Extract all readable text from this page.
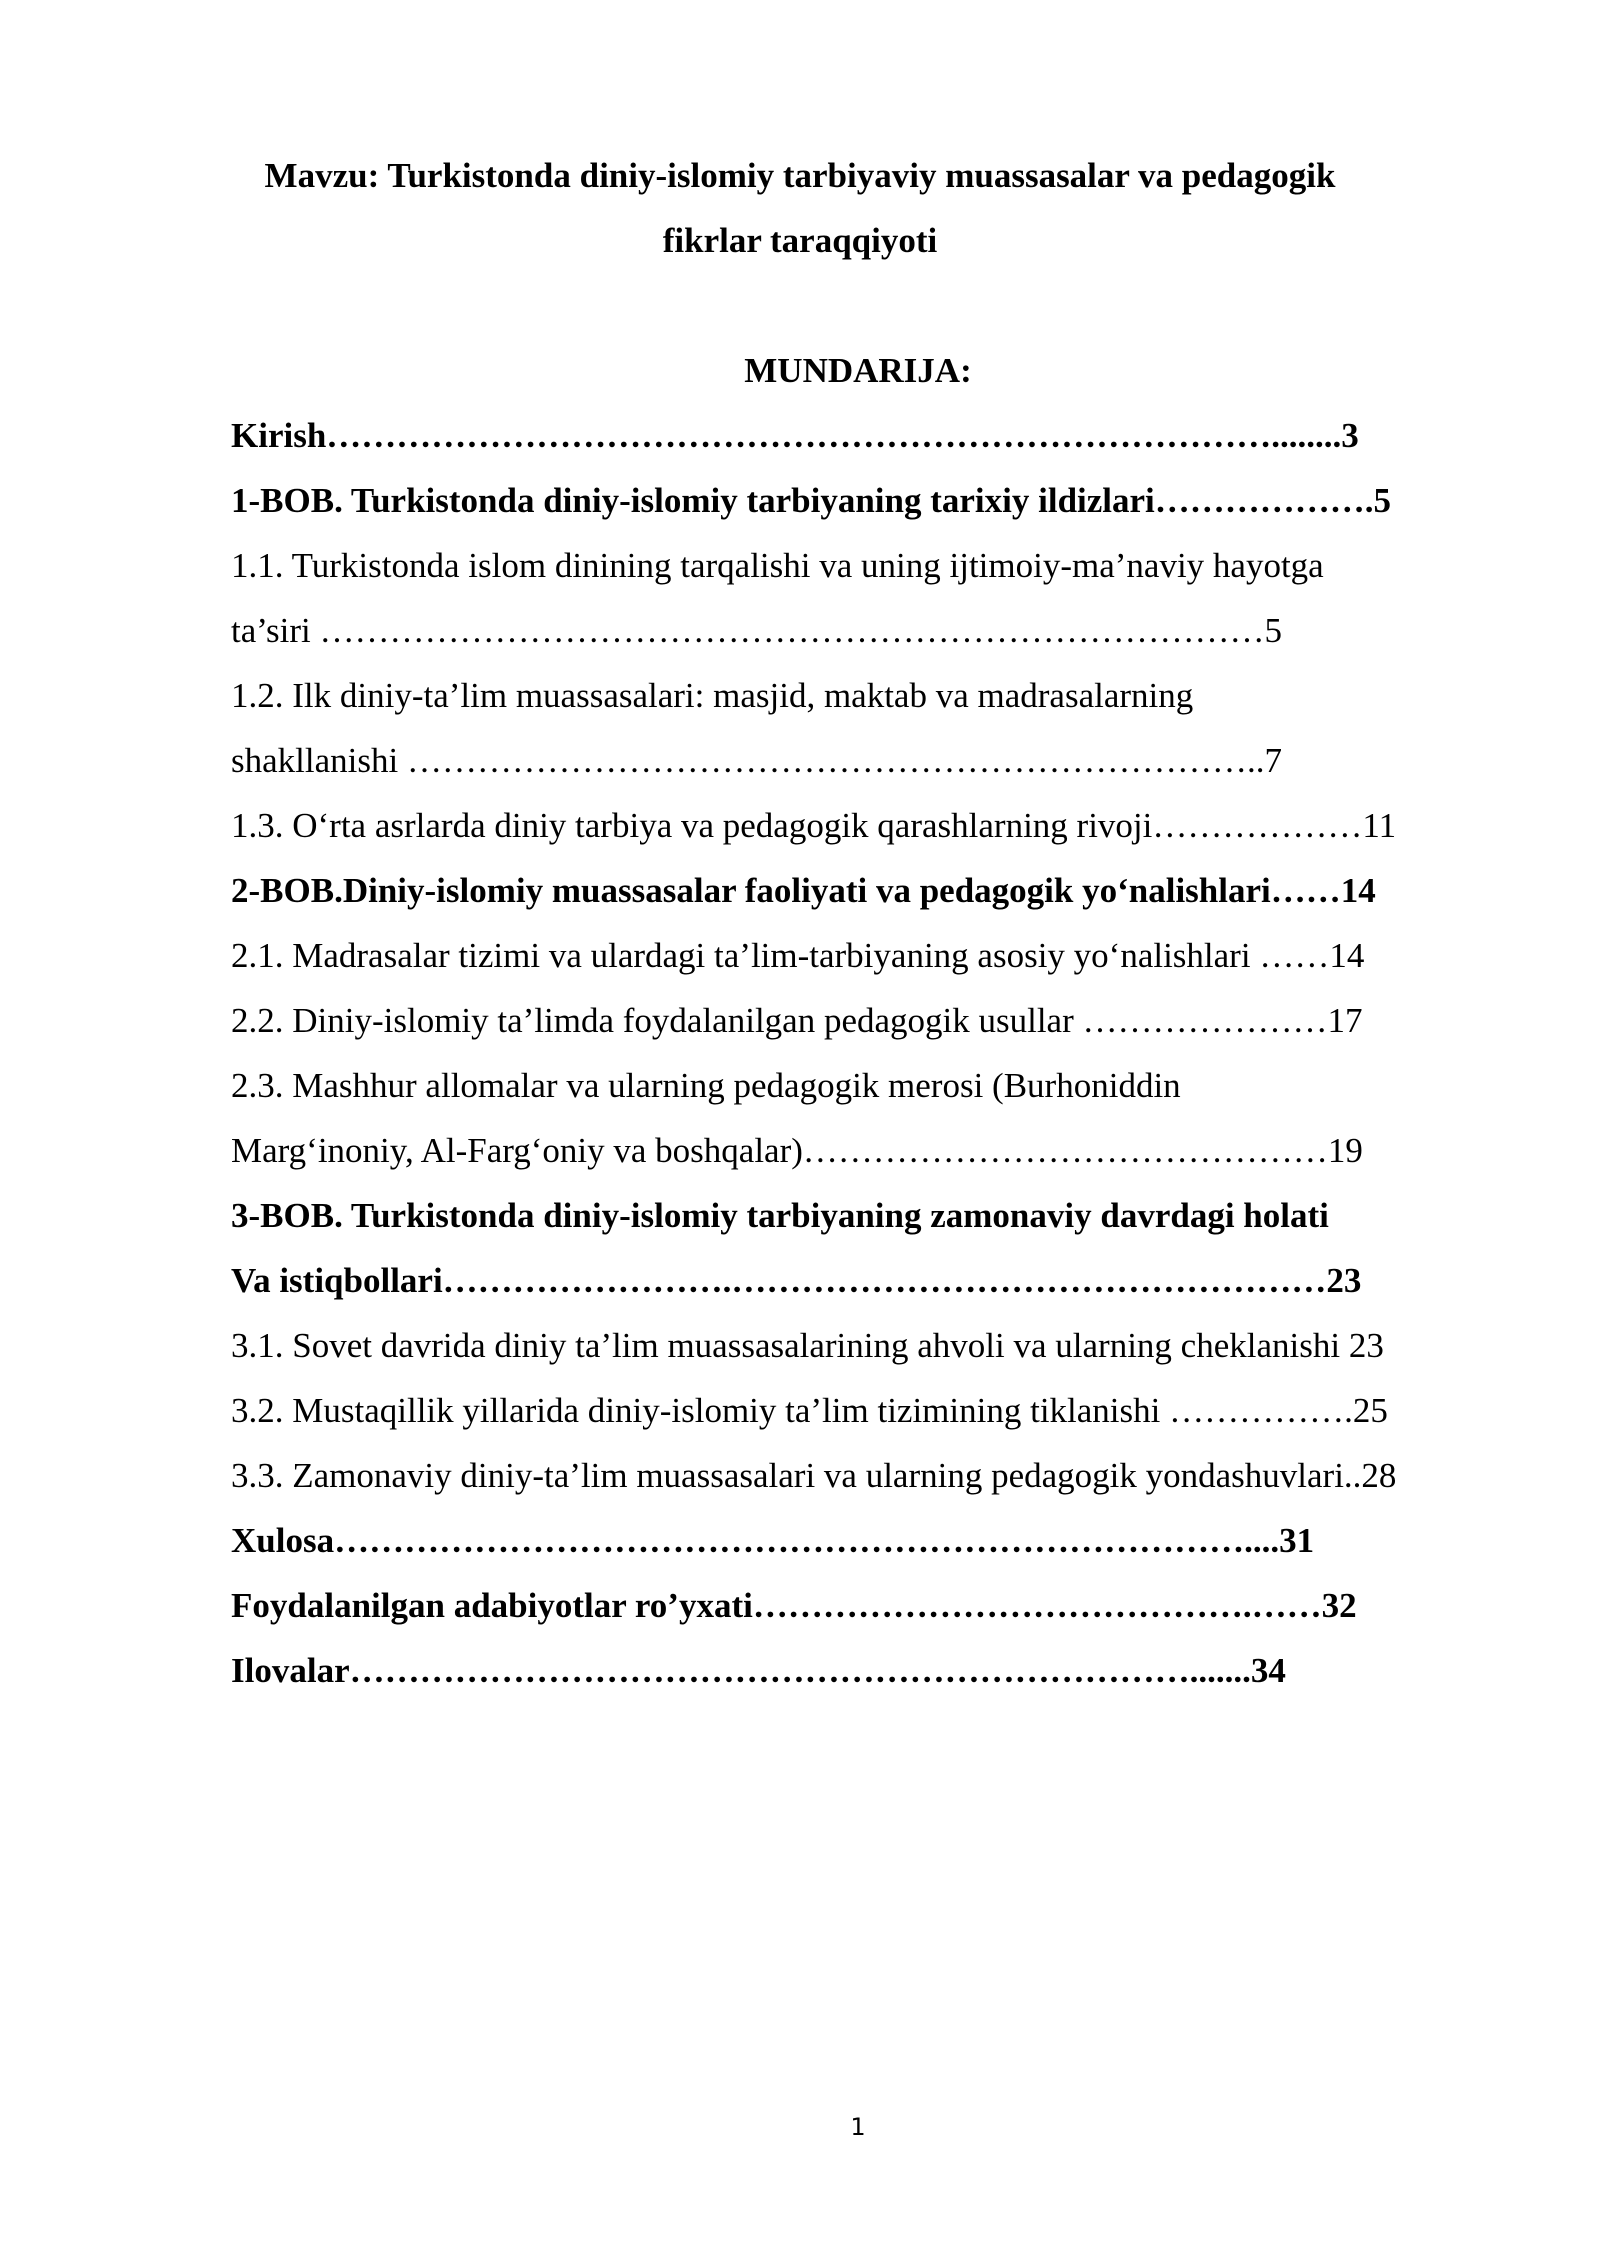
Mavzu: Turkistonda diniy-islomiy tarbiyaviy muassasalar va pedagogik
fikrlar taraqqiyoti
MUNDARIJA:
Kirish………………………………………………………………………........3
1-BOB. Turkistonda diniy-islomiy tarbiyaning tarixiy ildizlari……………….5
1.1. Turkistonda islom dinining tarqalishi va uning ijtimoiy-ma’naviy hayotga
ta’siri ………………………………………………………………………5
1.2. Ilk diniy-ta’lim muassasalari: masjid, maktab va madrasalarning
shakllanishi ………………………………………………………………..7
1.3. O‘rta asrlarda diniy tarbiya va pedagogik qarashlarning rivoji………………11
2-BOB.Diniy-islomiy muassasalar faoliyati va pedagogik yo‘nalishlari……14
2.1. Madrasalar tizimi va ulardagi ta’lim-tarbiyaning asosiy yo‘nalishlari ……14
2.2. Diniy-islomiy ta’limda foydalanilgan pedagogik usullar …………………17
2.3. Mashhur allomalar va ularning pedagogik merosi (Burhoniddin
Marg‘inoniy, Al-Farg‘oniy va boshqalar)………………………………………19
3-BOB. Turkistonda diniy-islomiy tarbiyaning zamonaviy davrdagi holati
Va istiqbollari…………………….……………………………………………23
3.1. Sovet davrida diniy ta’lim muassasalarining ahvoli va ularning cheklanishi 23
3.2. Mustaqillik yillarida diniy-islomiy ta’lim tizimining tiklanishi …………….25
3.3. Zamonaviy diniy-ta’lim muassasalari va ularning pedagogik yondashuvlari..28
Xulosa……………………………………………………………………....31
Foydalanilgan adabiyotlar ro’yxati…………………………………….……32
Ilovalar……………………………………………………………….......34
1
